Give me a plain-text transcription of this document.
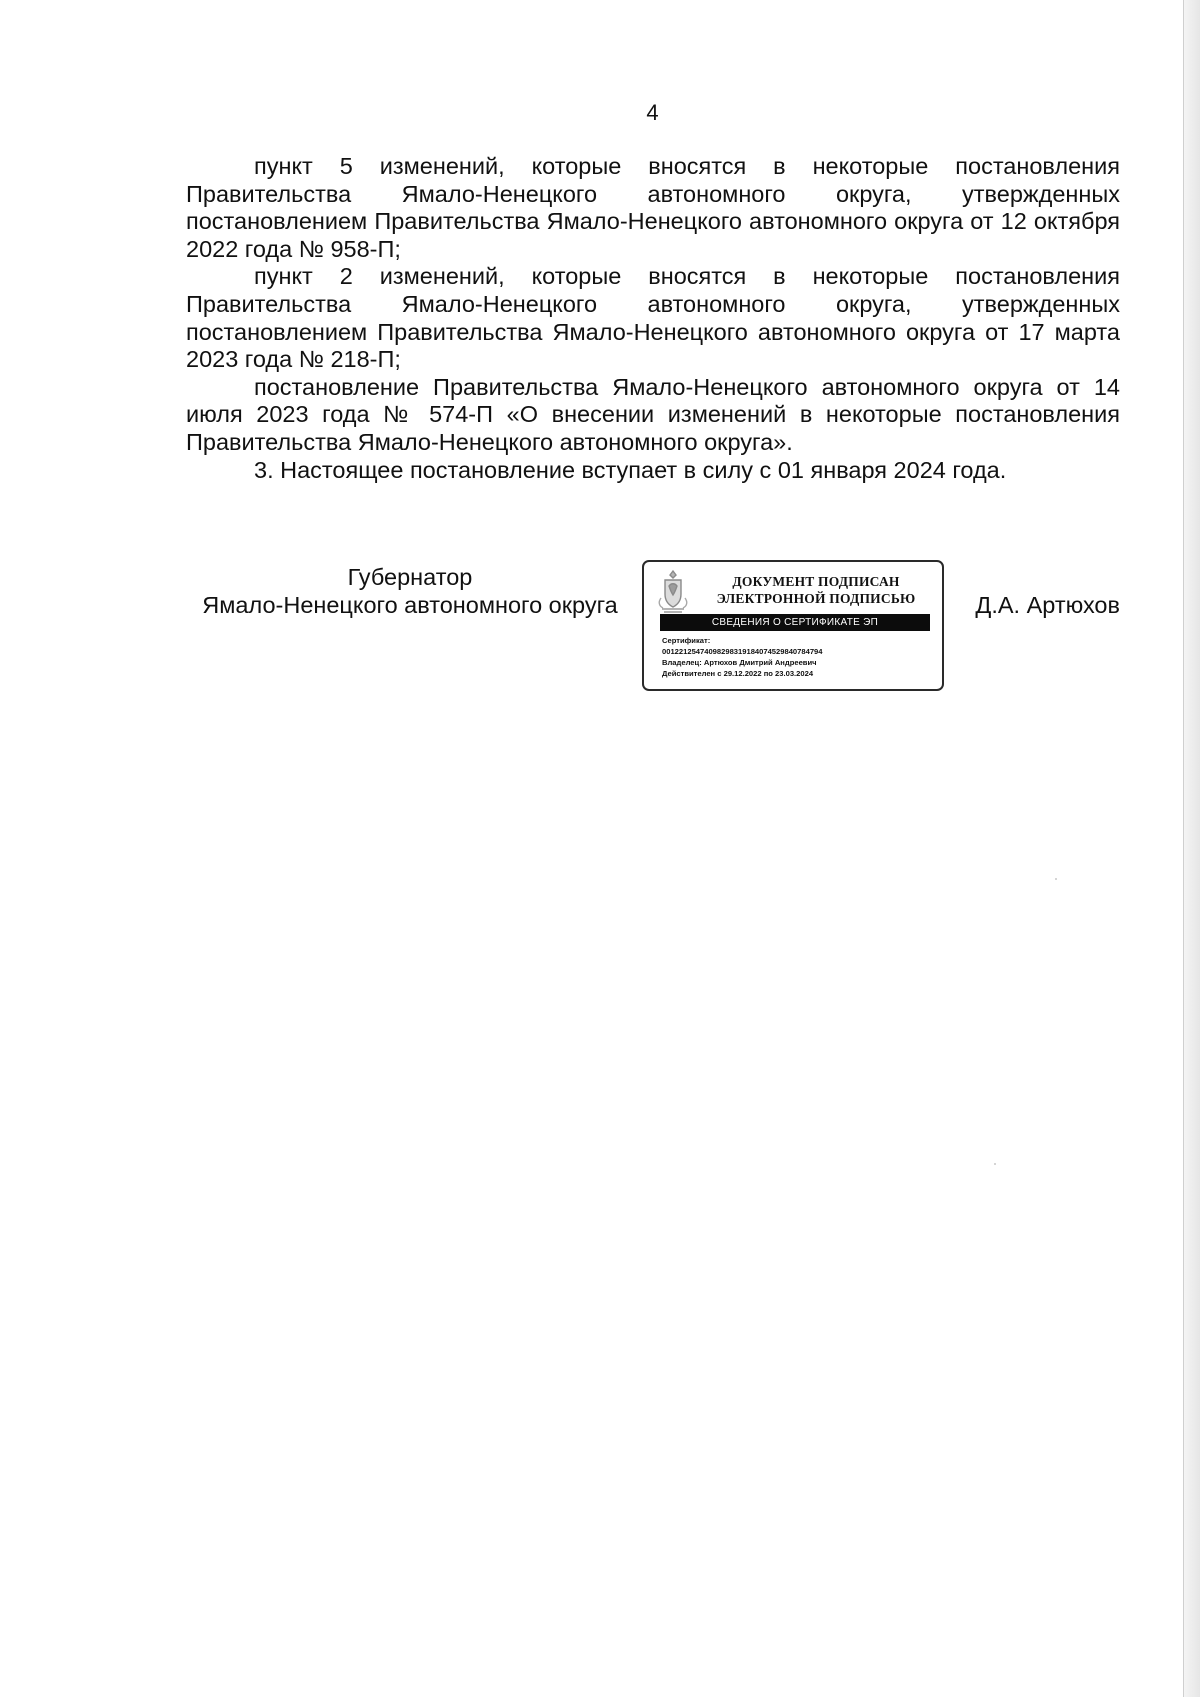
4

пункт 5 изменений, которые вносятся в некоторые постановления Правительства Ямало-Ненецкого автономного округа, утвержденных постановлением Правительства Ямало-Ненецкого автономного округа от 12 октября 2022 года № 958-П;

пункт 2 изменений, которые вносятся в некоторые постановления Правительства Ямало-Ненецкого автономного округа, утвержденных постановлением Правительства Ямало-Ненецкого автономного округа от 17 марта 2023 года № 218-П;

постановление Правительства Ямало-Ненецкого автономного округа от 14 июля 2023 года № 574-П «О внесении изменений в некоторые постановления Правительства Ямало-Ненецкого автономного округа».

3. Настоящее постановление вступает в силу с 01 января 2024 года.

Губернатор
Ямало-Ненецкого автономного округа
ДОКУМЕНТ ПОДПИСАН
ЭЛЕКТРОННОЙ ПОДПИСЬЮ
СВЕДЕНИЯ О СЕРТИФИКАТЕ ЭП
Сертификат:
00122125474098298319184074529840784794
Владелец: Артюхов Дмитрий Андреевич
Действителен с 29.12.2022 по 23.03.2024
Д.А. Артюхов
